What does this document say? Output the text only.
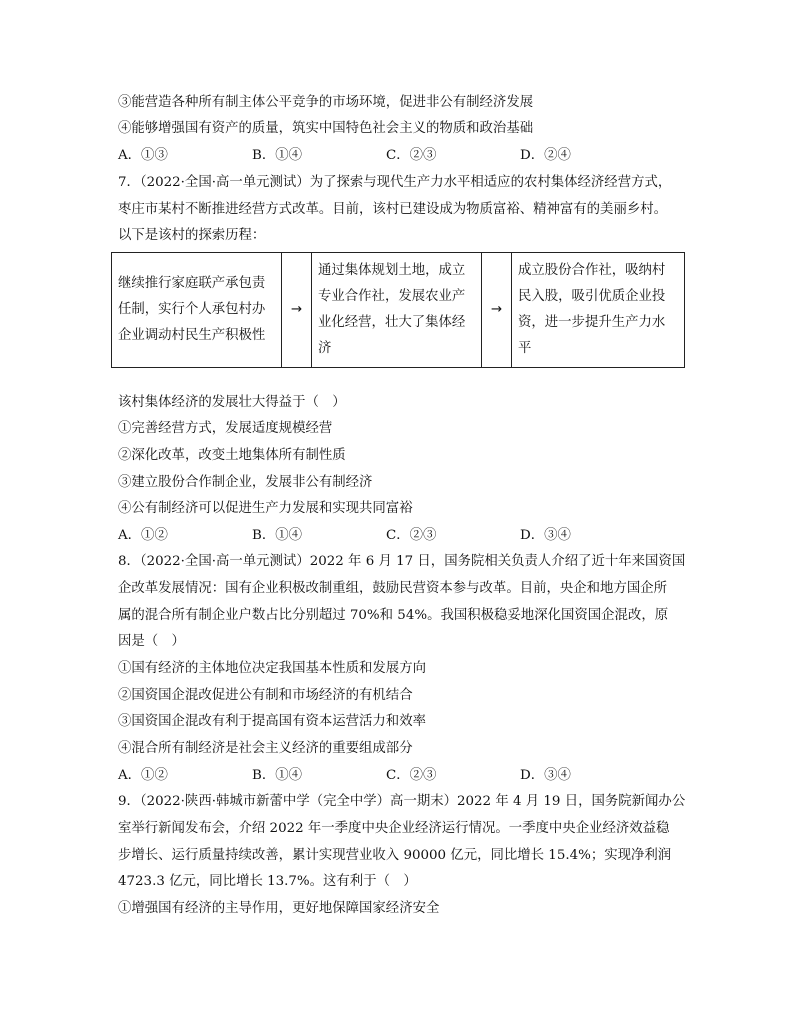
③能营造各种所有制主体公平竞争的市场环境，促进非公有制经济发展
④能够增强国有资产的质量，筑实中国特色社会主义的物质和政治基础
A．①③	B．①④	C．②③	D．②④
7．（2022·全国·高一单元测试）为了探索与现代生产力水平相适应的农村集体经济经营方式，
枣庄市某村不断推进经营方式改革。目前，该村已建设成为物质富裕、精神富有的美丽乡村。
以下是该村的探索历程：
继续推行家庭联产承包责任制，实行个人承包村办企业调动村民生产积极性
→
通过集体规划土地，成立专业合作社，发展农业产业化经营，壮大了集体经济
→
成立股份合作社，吸纳村民入股，吸引优质企业投资，进一步提升生产力水平
该村集体经济的发展壮大得益于（　）
①完善经营方式，发展适度规模经营
②深化改革，改变土地集体所有制性质
③建立股份合作制企业，发展非公有制经济
④公有制经济可以促进生产力发展和实现共同富裕
A．①②	B．①④	C．②③	D．③④
8．（2022·全国·高一单元测试）2022 年 6 月 17 日，国务院相关负责人介绍了近十年来国资国
企改革发展情况：国有企业积极改制重组，鼓励民营资本参与改革。目前，央企和地方国企所
属的混合所有制企业户数占比分别超过 70%和 54%。我国积极稳妥地深化国资国企混改，原
因是（　）
①国有经济的主体地位决定我国基本性质和发展方向
②国资国企混改促进公有制和市场经济的有机结合
③国资国企混改有利于提高国有资本运营活力和效率
④混合所有制经济是社会主义经济的重要组成部分
A．①②	B．①④	C．②③	D．③④
9．（2022·陕西·韩城市新蕾中学（完全中学）高一期末）2022 年 4 月 19 日，国务院新闻办公
室举行新闻发布会，介绍 2022 年一季度中央企业经济运行情况。一季度中央企业经济效益稳
步增长、运行质量持续改善，累计实现营业收入 90000 亿元，同比增长 15.4%；实现净利润
4723.3 亿元，同比增长 13.7%。这有利于（　）
①增强国有经济的主导作用，更好地保障国家经济安全
